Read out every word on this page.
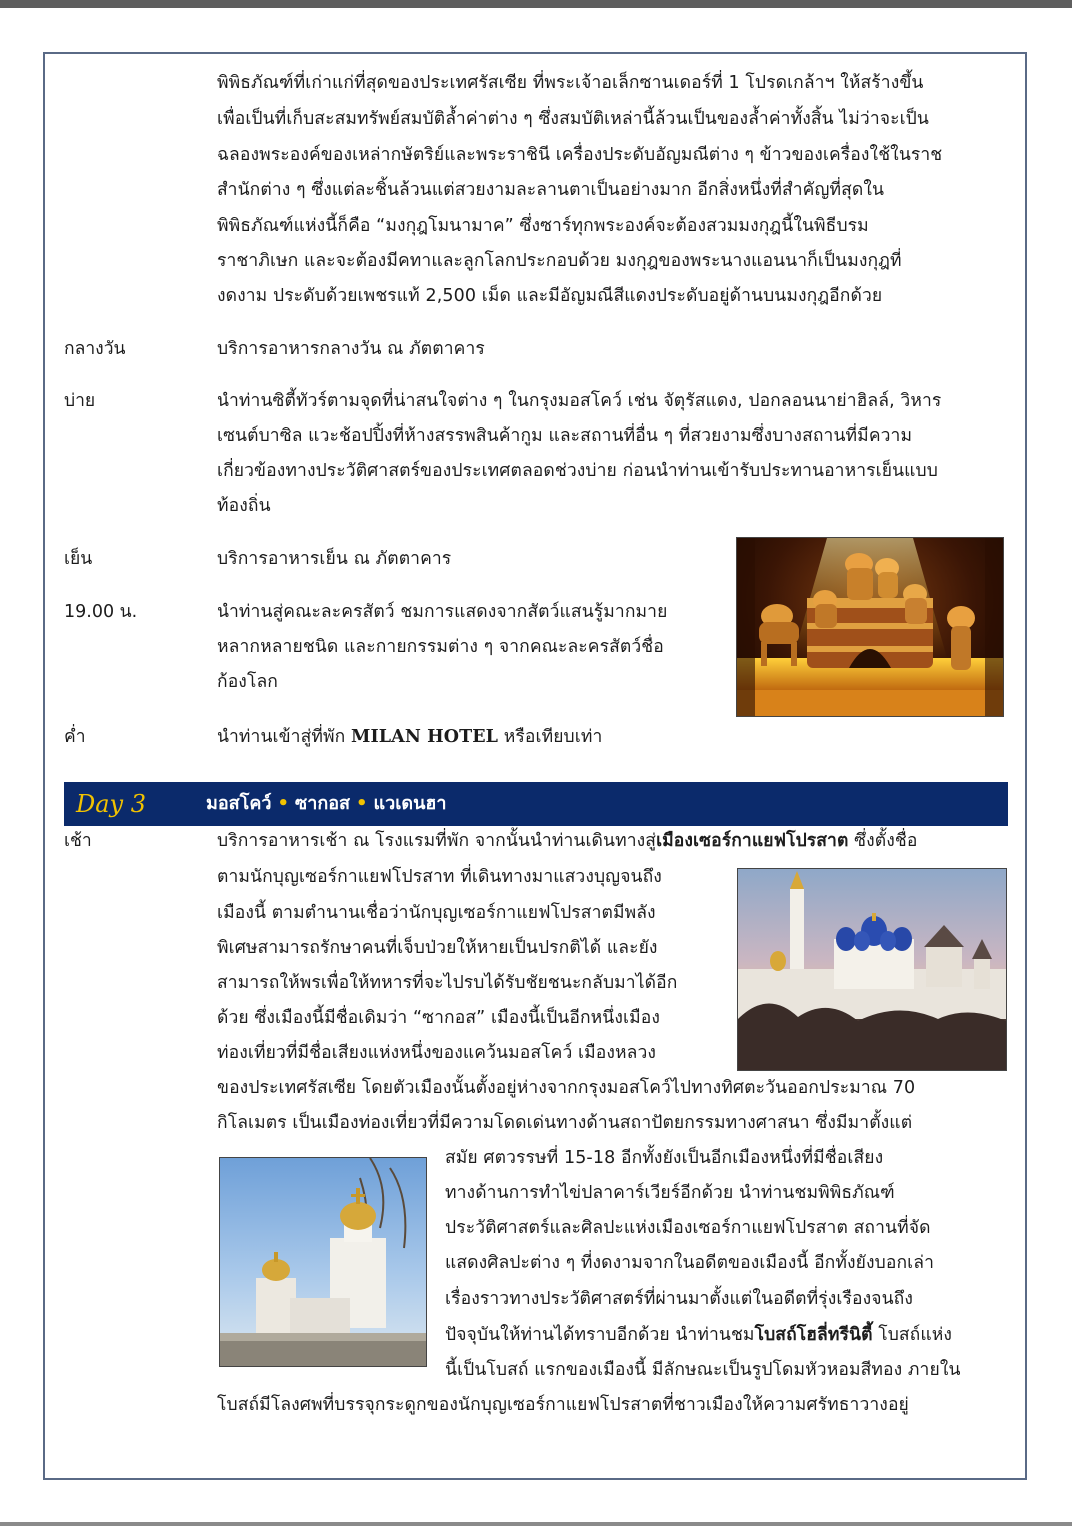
พิพิธภัณฑ์ที่เก่าแก่ที่สุดของประเทศรัสเซีย ที่พระเจ้าอเล็กซานเดอร์ที่ 1 โปรดเกล้าฯ ให้สร้างขึ้น
เพื่อเป็นที่เก็บสะสมทรัพย์สมบัติล้ำค่าต่าง ๆ ซึ่งสมบัติเหล่านี้ล้วนเป็นของล้ำค่าทั้งสิ้น ไม่ว่าจะเป็น
ฉลองพระองค์ของเหล่ากษัตริย์และพระราชินี เครื่องประดับอัญมณีต่าง ๆ ข้าวของเครื่องใช้ในราช
สำนักต่าง ๆ ซึ่งแต่ละชิ้นล้วนแต่สวยงามละลานตาเป็นอย่างมาก อีกสิ่งหนึ่งที่สำคัญที่สุดใน
พิพิธภัณฑ์แห่งนี้ก็คือ “มงกุฎโมนามาค” ซึ่งซาร์ทุกพระองค์จะต้องสวมมงกุฎนี้ในพิธีบรม
ราชาภิเษก และจะต้องมีคทาและลูกโลกประกอบด้วย มงกุฎของพระนางแอนนาก็เป็นมงกุฎที่
งดงาม ประดับด้วยเพชรแท้ 2,500 เม็ด และมีอัญมณีสีแดงประดับอยู่ด้านบนมงกุฎอีกด้วย
กลางวัน	บริการอาหารกลางวัน ณ ภัตตาคาร
บ่าย	นำท่านซิตี้ทัวร์ตามจุดที่น่าสนใจต่าง ๆ ในกรุงมอสโคว์ เช่น จัตุรัสแดง, ปอกลอนนาย่าฮิลล์, วิหาร
เซนต์บาซิล แวะช้อปปิ้งที่ห้างสรรพสินค้ากูม และสถานที่อื่น ๆ ที่สวยงามซึ่งบางสถานที่มีความ
เกี่ยวข้องทางประวัติศาสตร์ของประเทศตลอดช่วงบ่าย ก่อนนำท่านเข้ารับประทานอาหารเย็นแบบ
ท้องถิ่น
เย็น	บริการอาหารเย็น ณ ภัตตาคาร
19.00 น.	นำท่านสู่คณะละครสัตว์ ชมการแสดงจากสัตว์แสนรู้มากมาย
หลากหลายชนิด และกายกรรมต่าง ๆ จากคณะละครสัตว์ชื่อ
ก้องโลก
ค่ำ	นำท่านเข้าสู่ที่พัก MILAN HOTEL หรือเทียบเท่า
Day 3	มอสโคว์ • ซากอส • แวเดนฮา
เช้า	บริการอาหารเช้า ณ โรงแรมที่พัก จากนั้นนำท่านเดินทางสู่เมืองเซอร์กาแยฟโปรสาต ซึ่งตั้งชื่อ
ตามนักบุญเซอร์กาแยฟโปรสาท ที่เดินทางมาแสวงบุญจนถึง
เมืองนี้ ตามตำนานเชื่อว่านักบุญเซอร์กาแยฟโปรสาตมีพลัง
พิเศษสามารถรักษาคนที่เจ็บป่วยให้หายเป็นปรกติได้ และยัง
สามารถให้พรเพื่อให้ทหารที่จะไปรบได้รับชัยชนะกลับมาได้อีก
ด้วย ซึ่งเมืองนี้มีชื่อเดิมว่า “ซากอส” เมืองนี้เป็นอีกหนึ่งเมือง
ท่องเที่ยวที่มีชื่อเสียงแห่งหนึ่งของแคว้นมอสโคว์ เมืองหลวง
ของประเทศรัสเซีย โดยตัวเมืองนั้นตั้งอยู่ห่างจากกรุงมอสโคว์ไปทางทิศตะวันออกประมาณ 70
กิโลเมตร เป็นเมืองท่องเที่ยวที่มีความโดดเด่นทางด้านสถาปัตยกรรมทางศาสนา ซึ่งมีมาตั้งแต่
สมัย ศตวรรษที่ 15-18 อีกทั้งยังเป็นอีกเมืองหนึ่งที่มีชื่อเสียง
ทางด้านการทำไข่ปลาคาร์เวียร์อีกด้วย นำท่านชมพิพิธภัณฑ์
ประวัติศาสตร์และศิลปะแห่งเมืองเซอร์กาแยฟโปรสาต สถานที่จัด
แสดงศิลปะต่าง ๆ ที่งดงามจากในอดีตของเมืองนี้ อีกทั้งยังบอกเล่า
เรื่องราวทางประวัติศาสตร์ที่ผ่านมาตั้งแต่ในอดีตที่รุ่งเรืองจนถึง
ปัจจุบันให้ท่านได้ทราบอีกด้วย นำท่านชมโบสถ์โฮลี่ทรีนิตี้ โบสถ์แห่ง
นี้เป็นโบสถ์ แรกของเมืองนี้ มีลักษณะเป็นรูปโดมหัวหอมสีทอง ภายใน
โบสถ์มีโลงศพที่บรรจุกระดูกของนักบุญเซอร์กาแยฟโปรสาตที่ชาวเมืองให้ความศรัทธาวางอยู่
